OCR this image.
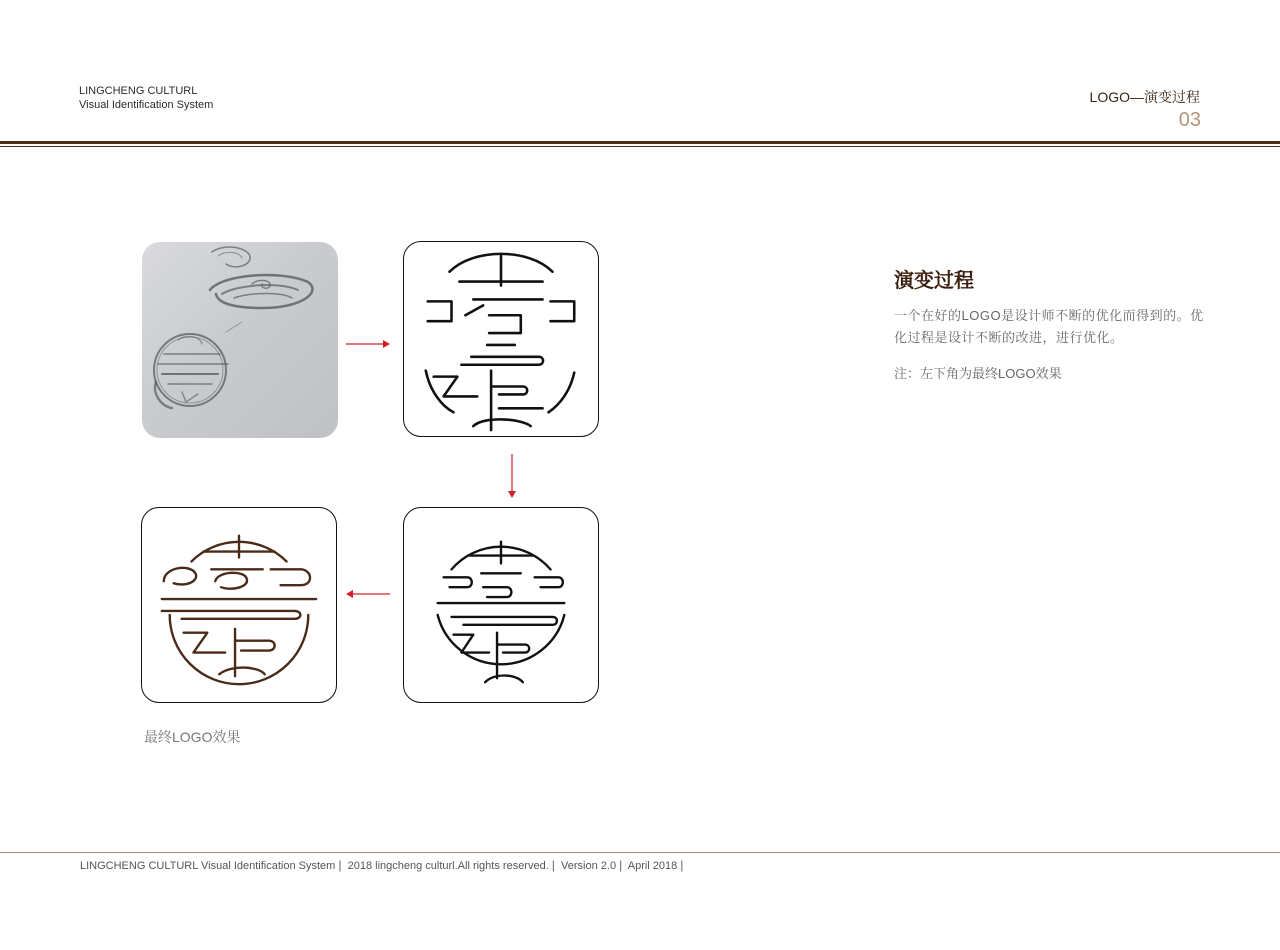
LINGCHENG CULTURL
Visual Identification System	LOGO—演变过程
03
最终LOGO效果
演变过程
一个在好的LOGO是设计师不断的优化而得到的。优化过程是设计不断的改进，进行优化。
注：左下角为最终LOGO效果
LINGCHENG CULTURL Visual Identification System❘ 2018 lingcheng culturl.All rights reserved.❘ Version 2.0❘ April 2018❘
